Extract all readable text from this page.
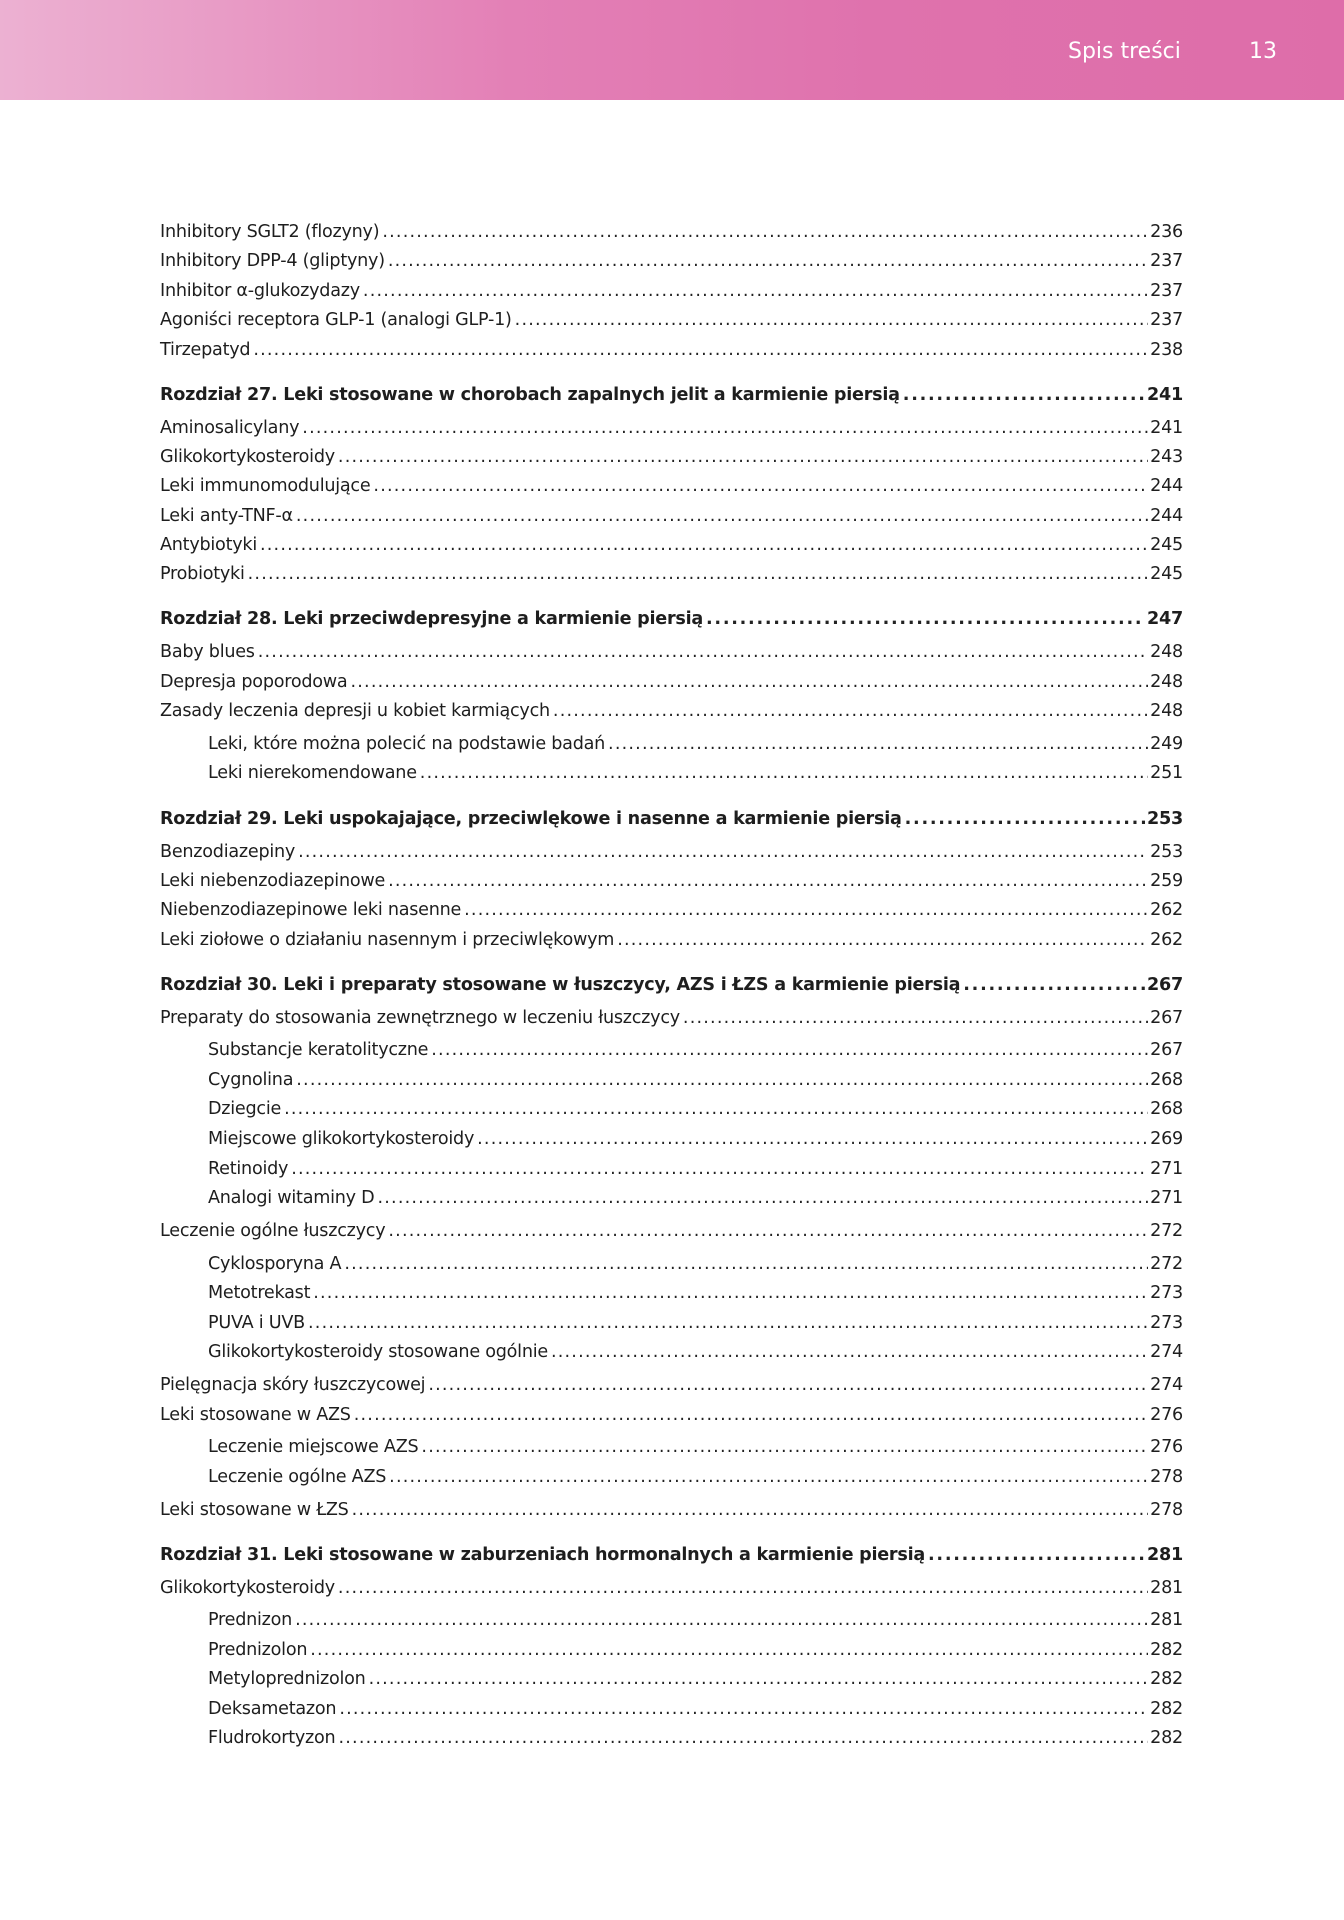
Spis treści	13
Inhibitory SGLT2 (flozyny) . . .	236
Inhibitory DPP-4 (gliptyny) . . .	237
Inhibitor α-glukozydazy . . .	237
Agoniści receptora GLP-1 (analogi GLP-1) . . .	237
Tirzepatyd . . .	238
Rozdział 27. Leki stosowane w chorobach zapalnych jelit a karmienie piersią . . .	241
Aminosalicylany . . .	241
Glikokortykosteroidy . . .	243
Leki immunomodulujące . . .	244
Leki anty-TNF-α . . .	244
Antybiotyki . . .	245
Probiotyki . . .	245
Rozdział 28. Leki przeciwdepresyjne a karmienie piersią . . .	247
Baby blues . . .	248
Depresja poporodowa . . .	248
Zasady leczenia depresji u kobiet karmiących . . .	248
Leki, które można polecić na podstawie badań . . .	249
Leki nierekomendowane . . .	251
Rozdział 29. Leki uspokajające, przeciwlękowe i nasenne a karmienie piersią . . .	253
Benzodiazepiny . . .	253
Leki niebenzodiazepinowe . . .	259
Niebenzodiazepinowe leki nasenne . . .	262
Leki ziołowe o działaniu nasennym i przeciwlękowym . . .	262
Rozdział 30. Leki i preparaty stosowane w łuszczycy, AZS i ŁZS a karmienie piersią . . .	267
Preparaty do stosowania zewnętrznego w leczeniu łuszczycy . . .	267
Substancje keratolityczne . . .	267
Cygnolina . . .	268
Dziegcie . . .	268
Miejscowe glikokortykosteroidy . . .	269
Retinoidy . . .	271
Analogi witaminy D . . .	271
Leczenie ogólne łuszczycy . . .	272
Cyklosporyna A . . .	272
Metotrekast . . .	273
PUVA i UVB . . .	273
Glikokortykosteroidy stosowane ogólnie . . .	274
Pielęgnacja skóry łuszczycowej . . .	274
Leki stosowane w AZS . . .	276
Leczenie miejscowe AZS . . .	276
Leczenie ogólne AZS . . .	278
Leki stosowane w ŁZS . . .	278
Rozdział 31. Leki stosowane w zaburzeniach hormonalnych a karmienie piersią . . .	281
Glikokortykosteroidy . . .	281
Prednizon . . .	281
Prednizolon . . .	282
Metyloprednizolon . . .	282
Deksametazon . . .	282
Fludrokortyzon . . .	282
